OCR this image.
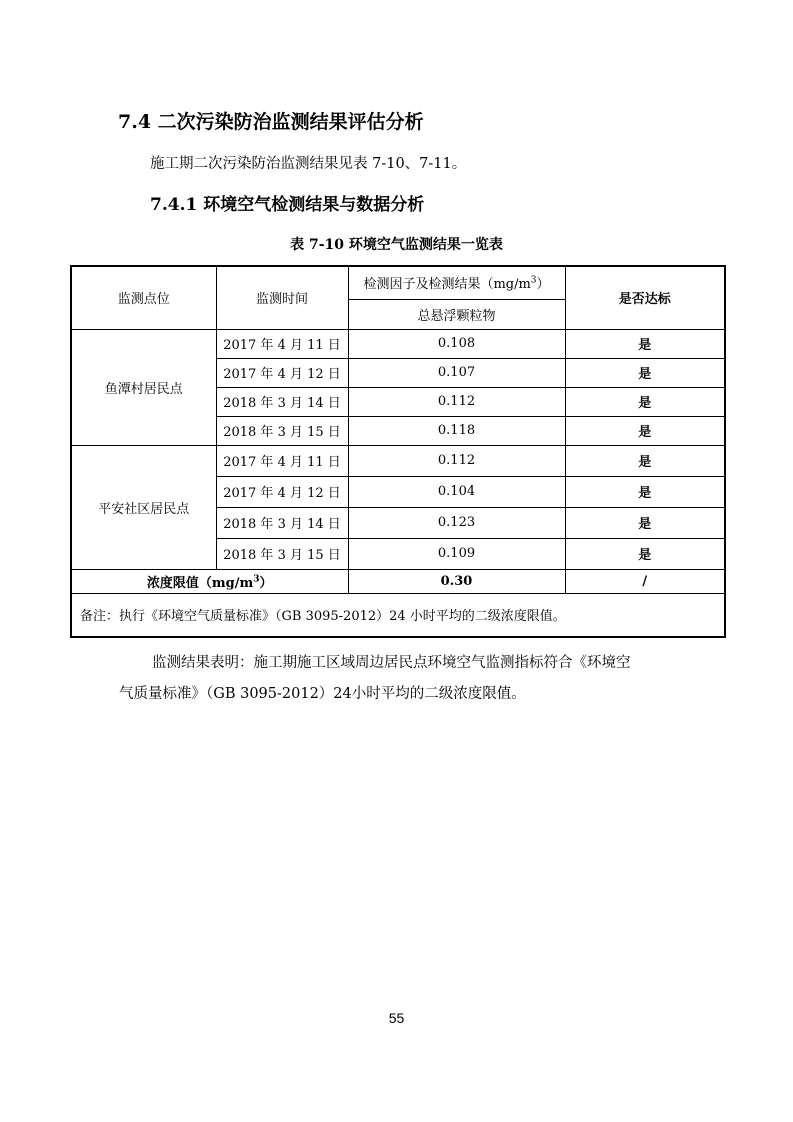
7.4 二次污染防治监测结果评估分析
施工期二次污染防治监测结果见表 7-10、7-11。
7.4.1 环境空气检测结果与数据分析
表 7-10 环境空气监测结果一览表
监测点位	监测时间	检测因子及检测结果$(mg/m^3)$	是否达标
		总悬浮颗粒物	
鱼潭村居民点	2017 年 4 月 11 日	0.108	是
	2017 年 4 月 12 日	0.107	是
	2018 年 3 月 14 日	0.112	是
	2018 年 3 月 15 日	0.118	是
平安社区居民点	2017 年 4 月 11 日	0.112	是
	2017 年 4 月 12 日	0.104	是
	2018 年 3 月 14 日	0.123	是
	2018 年 3 月 15 日	0.109	是
浓度限值$(mg/m^3)$		0.30	/
备注：执行《环境空气质量标准》（GB 3095-2012）24 小时平均的二级浓度限值。			
监测结果表明：施工期施工区域周边居民点环境空气监测指标符合《环境空
气质量标准》（GB 3095-2012）24小时平均的二级浓度限值。
55
